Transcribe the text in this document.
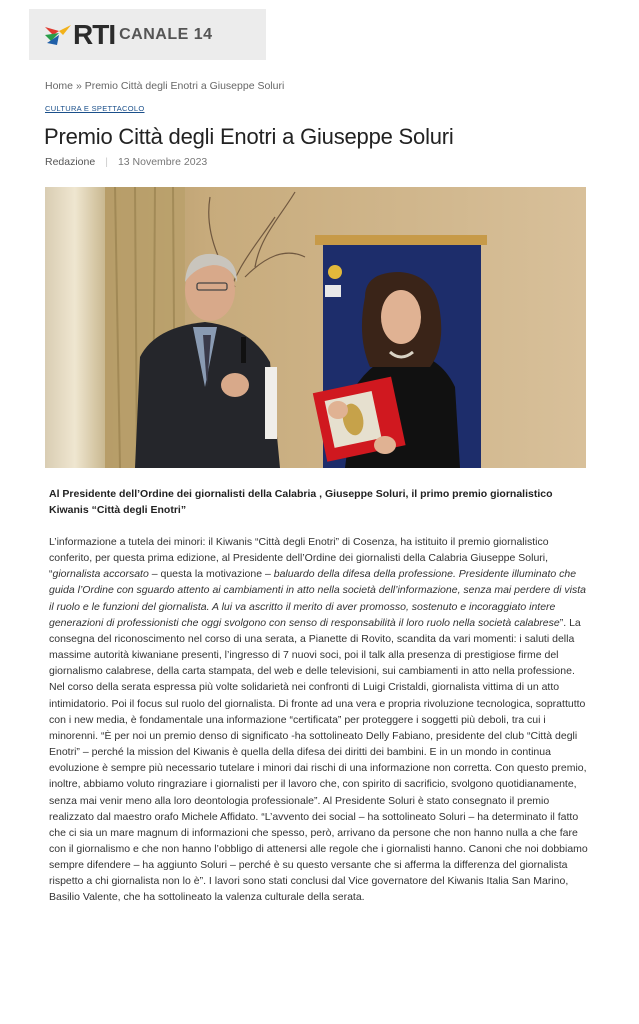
RTI CANALE 14
Home » Premio Città degli Enotri a Giuseppe Soluri
CULTURA E SPETTACOLO
Premio Città degli Enotri a Giuseppe Soluri
Redazione | 13 Novembre 2023

Al Presidente dell’Ordine dei giornalisti della Calabria , Giuseppe Soluri, il primo premio giornalistico Kiwanis “Città degli Enotri”

L’informazione a tutela dei minori: il Kiwanis “Città degli Enotri” di Cosenza, ha istituito il premio giornalistico conferito, per questa prima edizione, al Presidente dell’Ordine dei giornalisti della Calabria Giuseppe Soluri, “giornalista accorsato – questa la motivazione – baluardo della difesa della professione. Presidente illuminato che guida l’Ordine con sguardo attento ai cambiamenti in atto nella società dell’informazione, senza mai perdere di vista il ruolo e le funzioni del giornalista. A lui va ascritto il merito di aver promosso, sostenuto e incoraggiato intere generazioni di professionisti che oggi svolgono con senso di responsabilità il loro ruolo nella società calabrese”. La consegna del riconoscimento nel corso di una serata, a Pianette di Rovito, scandita da vari momenti: i saluti della massime autorità kiwaniane presenti, l’ingresso di 7 nuovi soci, poi il talk alla presenza di prestigiose firme del giornalismo calabrese, della carta stampata, del web e delle televisioni, sui cambiamenti in atto nella professione. Nel corso della serata espressa più volte solidarietà nei confronti di Luigi Cristaldi, giornalista vittima di un atto intimidatorio. Poi il focus sul ruolo del giornalista. Di fronte ad una vera e propria rivoluzione tecnologica, soprattutto con i new media, è fondamentale una informazione “certificata” per proteggere i soggetti più deboli, tra cui i minorenni. “È per noi un premio denso di significato -ha sottolineato Delly Fabiano, presidente del club “Città degli Enotri” – perché la mission del Kiwanis è quella della difesa dei diritti dei bambini. E in un mondo in continua evoluzione è sempre più necessario tutelare i minori dai rischi di una informazione non corretta. Con questo premio, inoltre, abbiamo voluto ringraziare i giornalisti per il lavoro che, con spirito di sacrificio, svolgono quotidianamente, senza mai venir meno alla loro deontologia professionale”. Al Presidente Soluri è stato consegnato il premio realizzato dal maestro orafo Michele Affidato. “L’avvento dei social – ha sottolineato Soluri – ha determinato il fatto che ci sia un mare magnum di informazioni che spesso, però, arrivano da persone che non hanno nulla a che fare con il giornalismo e che non hanno l’obbligo di attenersi alle regole che i giornalisti hanno. Canoni che noi dobbiamo sempre difendere – ha aggiunto Soluri – perché è su questo versante che si afferma la differenza del giornalista rispetto a chi giornalista non lo è”. I lavori sono stati conclusi dal Vice governatore del Kiwanis Italia San Marino, Basilio Valente, che ha sottolineato la valenza culturale della serata.
